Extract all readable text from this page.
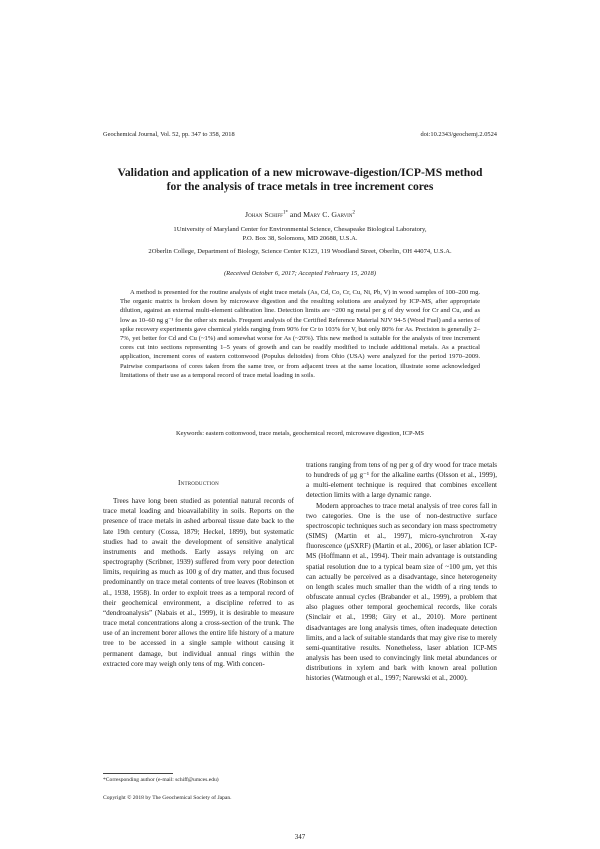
Geochemical Journal, Vol. 52, pp. 347 to 358, 2018	doi:10.2343/geochemj.2.0524
Validation and application of a new microwave-digestion/ICP-MS method
for the analysis of trace metals in tree increment cores
Johan Schiff$^{1*}$ and Mary C. Garvin$^2$
1University of Maryland Center for Environmental Science, Chesapeake Biological Laboratory,
P.O. Box 38, Solomons, MD 20688, U.S.A.
2Oberlin College, Department of Biology, Science Center K123, 119 Woodland Street, Oberlin, OH 44074, U.S.A.
(Received October 6, 2017; Accepted February 15, 2018)
A method is presented for the routine analysis of eight trace metals (As, Cd, Co, Cr, Cu, Ni, Pb, V) in wood samples of 100–200 mg. The organic matrix is broken down by microwave digestion and the resulting solutions are analyzed by ICP-MS, after appropriate dilution, against an external multi-element calibration line. Detection limits are ~200 ng metal per g of dry wood for Cr and Cu, and as low as 10–60 ng g⁻¹ for the other six metals. Frequent analysis of the Certified Reference Material NJV 94-5 (Wood Fuel) and a series of spike recovery experiments gave chemical yields ranging from 90% for Cr to 103% for V, but only 80% for As. Precision is generally 2–7%, yet better for Cd and Cu (~1%) and somewhat worse for As (~20%). This new method is suitable for the analysis of tree increment cores cut into sections representing 1–5 years of growth and can be readily modified to include additional metals. As a practical application, increment cores of eastern cottonwood (Populus deltoides) from Ohio (USA) were analyzed for the period 1970–2009. Pairwise comparisons of cores taken from the same tree, or from adjacent trees at the same location, illustrate some acknowledged limitations of their use as a temporal record of trace metal loading in soils.
Keywords: eastern cottonwood, trace metals, geochemical record, microwave digestion, ICP-MS
Introduction

Trees have long been studied as potential natural records of trace metal loading and bioavailability in soils. Reports on the presence of trace metals in ashed arboreal tissue date back to the late 19th century (Cossa, 1879; Heckel, 1899), but systematic studies had to await the development of sensitive analytical instruments and methods. Early assays relying on arc spectrography (Scribner, 1939) suffered from very poor detection limits, requiring as much as 100 g of dry matter, and thus focused predominantly on trace metal contents of tree leaves (Robinson et al., 1938, 1958). In order to exploit trees as a temporal record of their geochemical environment, a discipline referred to as “dendroanalysis” (Nabais et al., 1999), it is desirable to measure trace metal concentrations along a cross-section of the trunk. The use of an increment borer allows the entire life history of a mature tree to be accessed in a single sample without causing it permanent damage, but individual annual rings within the extracted core may weigh only tens of mg. With concen-

trations ranging from tens of ng per g of dry wood for trace metals to hundreds of μg g⁻¹ for the alkaline earths (Olsson et al., 1999), a multi-element technique is required that combines excellent detection limits with a large dynamic range.

Modern approaches to trace metal analysis of tree cores fall in two categories. One is the use of non-destructive surface spectroscopic techniques such as secondary ion mass spectrometry (SIMS) (Martin et al., 1997), micro-synchrotron X-ray fluorescence (μSXRF) (Martin et al., 2006), or laser ablation ICP-MS (Hoffmann et al., 1994). Their main advantage is outstanding spatial resolution due to a typical beam size of ~100 μm, yet this can actually be perceived as a disadvantage, since heterogeneity on length scales much smaller than the width of a ring tends to obfuscate annual cycles (Brabander et al., 1999), a problem that also plagues other temporal geochemical records, like corals (Sinclair et al., 1998; Giry et al., 2010). More pertinent disadvantages are long analysis times, often inadequate detection limits, and a lack of suitable standards that may give rise to merely semi-quantitative results. Nonetheless, laser ablation ICP-MS analysis has been used to convincingly link metal abundances or distributions in xylem and bark with known areal pollution histories (Watmough et al., 1997; Narewski et al., 2000).

*Corresponding author (e-mail: schiff@umces.edu)
Copyright © 2018 by The Geochemical Society of Japan.
347
